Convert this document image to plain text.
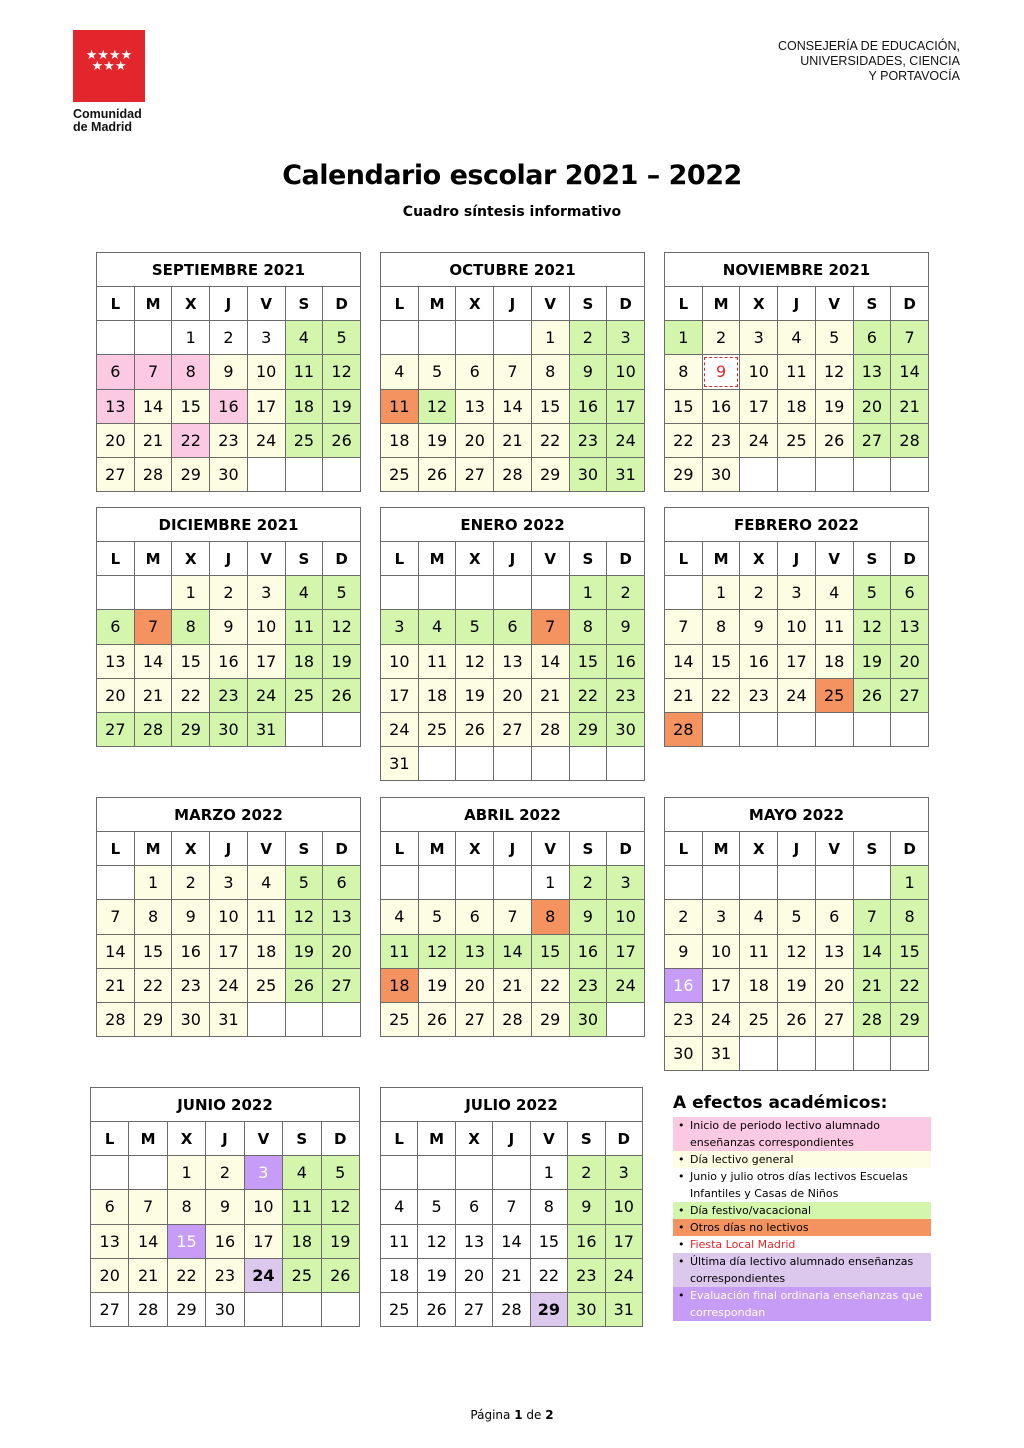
★★★★
★★★
Comunidad
de Madrid
CONSEJERÍA DE EDUCACIÓN,
UNIVERSIDADES, CIENCIA
Y PORTAVOCÍA
Calendario escolar 2021 – 2022
Cuadro síntesis informativo
SEPTIEMBRE 2021						
L	M	X	J	V	S	D
		1	2	3	4	5
6	7	8	9	10	11	12
13	14	15	16	17	18	19
20	21	22	23	24	25	26
27	28	29	30			
OCTUBRE 2021						
L	M	X	J	V	S	D
				1	2	3
4	5	6	7	8	9	10
11	12	13	14	15	16	17
18	19	20	21	22	23	24
25	26	27	28	29	30	31
NOVIEMBRE 2021						
L	M	X	J	V	S	D
1	2	3	4	5	6	7
8	9	10	11	12	13	14
15	16	17	18	19	20	21
22	23	24	25	26	27	28
29	30					
DICIEMBRE 2021						
L	M	X	J	V	S	D
		1	2	3	4	5
6	7	8	9	10	11	12
13	14	15	16	17	18	19
20	21	22	23	24	25	26
27	28	29	30	31		
ENERO 2022						
L	M	X	J	V	S	D
					1	2
3	4	5	6	7	8	9
10	11	12	13	14	15	16
17	18	19	20	21	22	23
24	25	26	27	28	29	30
31						
FEBRERO 2022						
L	M	X	J	V	S	D
	1	2	3	4	5	6
7	8	9	10	11	12	13
14	15	16	17	18	19	20
21	22	23	24	25	26	27
28						
MARZO 2022						
L	M	X	J	V	S	D
	1	2	3	4	5	6
7	8	9	10	11	12	13
14	15	16	17	18	19	20
21	22	23	24	25	26	27
28	29	30	31			
ABRIL 2022						
L	M	X	J	V	S	D
				1	2	3
4	5	6	7	8	9	10
11	12	13	14	15	16	17
18	19	20	21	22	23	24
25	26	27	28	29	30	
MAYO 2022						
L	M	X	J	V	S	D
						1
2	3	4	5	6	7	8
9	10	11	12	13	14	15
16	17	18	19	20	21	22
23	24	25	26	27	28	29
30	31					
JUNIO 2022						
L	M	X	J	V	S	D
		1	2	3	4	5
6	7	8	9	10	11	12
13	14	15	16	17	18	19
20	21	22	23	24	25	26
27	28	29	30			
JULIO 2022						
L	M	X	J	V	S	D
				1	2	3
4	5	6	7	8	9	10
11	12	13	14	15	16	17
18	19	20	21	22	23	24
25	26	27	28	29	30	31
A efectos académicos:
• Inicio de periodo lectivo alumnado enseñanzas correspondientes
• Día lectivo general
• Junio y julio otros días lectivos Escuelas Infantiles y Casas de Niños
• Día festivo/vacacional
• Otros días no lectivos
• Fiesta Local Madrid
• Última día lectivo alumnado enseñanzas correspondientes
• Evaluación final ordinaria enseñanzas que correspondan
Página 1 de 2
